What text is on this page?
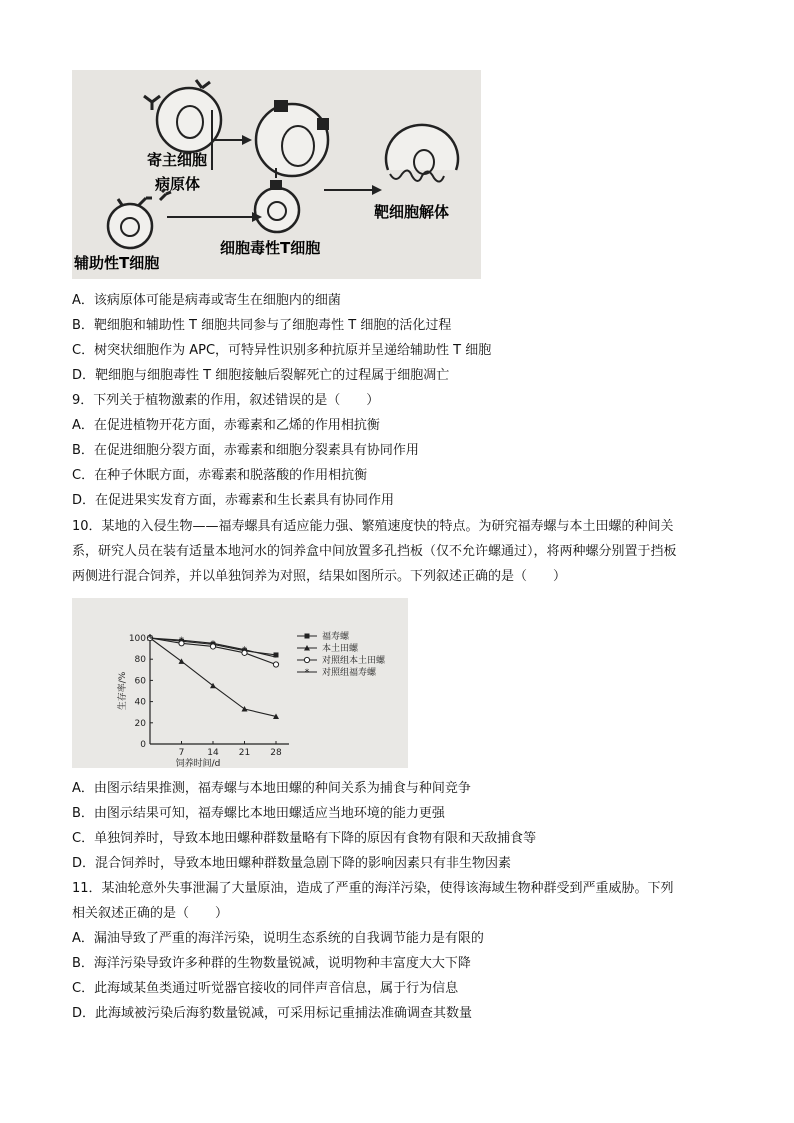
寄主细胞
病原体
靶细胞解体
细胞毒性T细胞
辅助性T细胞
A．该病原体可能是病毒或寄生在细胞内的细菌
B．靶细胞和辅助性 T 细胞共同参与了细胞毒性 T 细胞的活化过程
C．树突状细胞作为 APC，可特异性识别多种抗原并呈递给辅助性 T 细胞
D．靶细胞与细胞毒性 T 细胞接触后裂解死亡的过程属于细胞凋亡
9．下列关于植物激素的作用，叙述错误的是（　　）
A．在促进植物开花方面，赤霉素和乙烯的作用相抗衡
B．在促进细胞分裂方面，赤霉素和细胞分裂素具有协同作用
C．在种子休眠方面，赤霉素和脱落酸的作用相抗衡
D．在促进果实发育方面，赤霉素和生长素具有协同作用
10．某地的入侵生物——福寿螺具有适应能力强、繁殖速度快的特点。为研究福寿螺与本土田螺的种间关
系，研究人员在装有适量本地河水的饲养盒中间放置多孔挡板（仅不允许螺通过），将两种螺分别置于挡板
两侧进行混合饲养，并以单独饲养为对照，结果如图所示。下列叙述正确的是（　　）
0
20
40
60
80
100
7	14 21 28
饲养时间/d
生存率/%
*	*	*
*
*
福寿螺
本土田螺
对照组本土田螺
* 对照组福寿螺
A．由图示结果推测，福寿螺与本地田螺的种间关系为捕食与种间竞争
B．由图示结果可知，福寿螺比本地田螺适应当地环境的能力更强
C．单独饲养时，导致本地田螺种群数量略有下降的原因有食物有限和天敌捕食等
D．混合饲养时，导致本地田螺种群数量急剧下降的影响因素只有非生物因素
11．某油轮意外失事泄漏了大量原油，造成了严重的海洋污染，使得该海域生物种群受到严重威胁。下列
相关叙述正确的是（　　）
A．漏油导致了严重的海洋污染，说明生态系统的自我调节能力是有限的
B．海洋污染导致许多种群的生物数量锐减，说明物种丰富度大大下降
C．此海域某鱼类通过听觉器官接收的同伴声音信息，属于行为信息
D．此海域被污染后海豹数量锐减，可采用标记重捕法准确调查其数量
